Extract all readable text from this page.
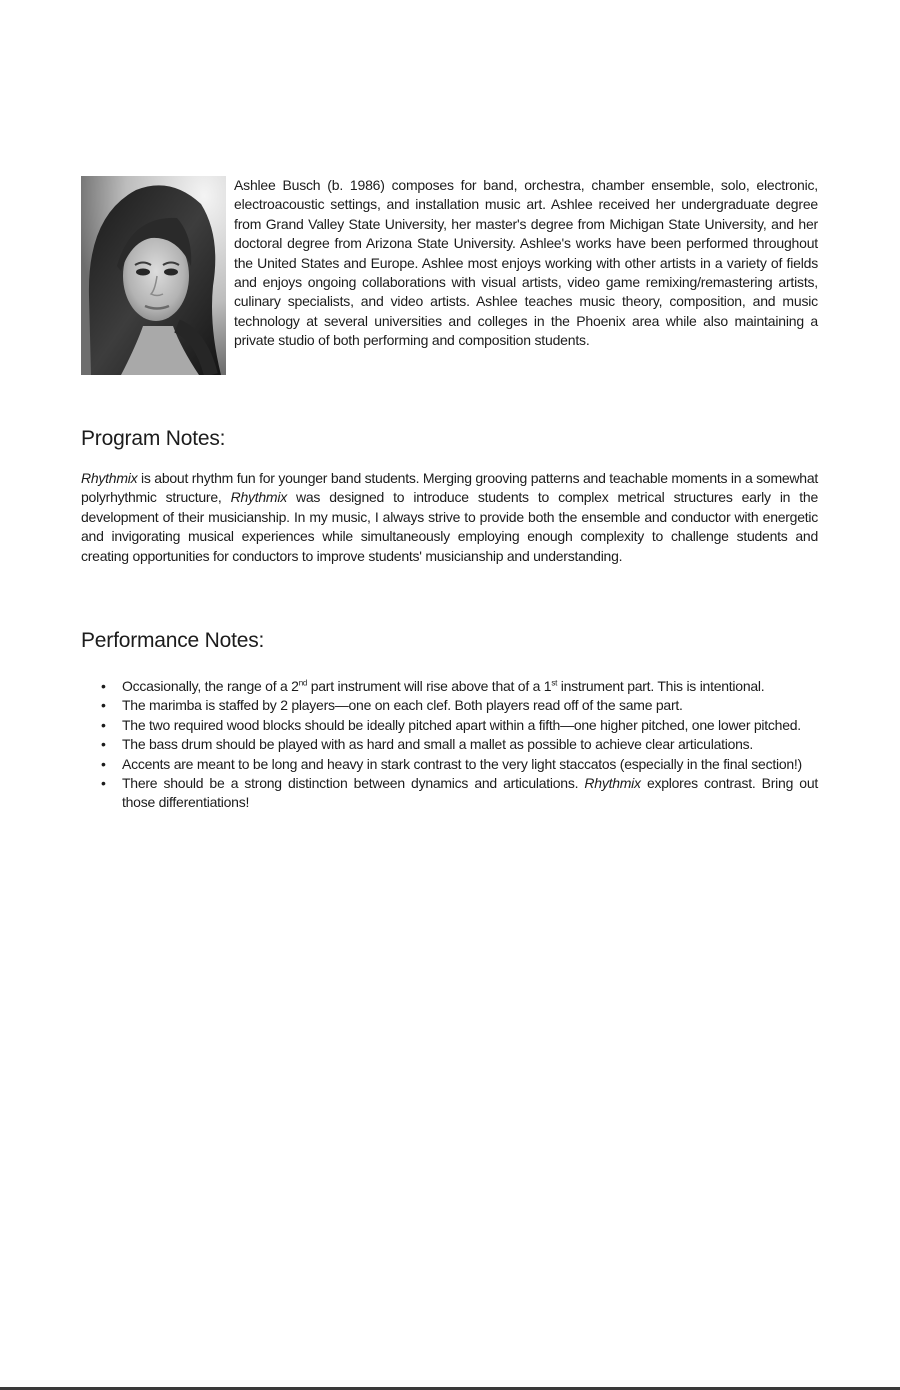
Ashlee Busch (b. 1986) composes for band, orchestra, chamber ensemble, solo, electronic, electroacoustic settings, and installation music art. Ashlee received her undergraduate degree from Grand Valley State University, her master's degree from Michigan State University, and her doctoral degree from Arizona State University. Ashlee's works have been performed throughout the United States and Europe. Ashlee most enjoys working with other artists in a variety of fields and enjoys ongoing collaborations with visual artists, video game remixing/remastering artists, culinary specialists, and video artists. Ashlee teaches music theory, composition, and music technology at several universities and colleges in the Phoenix area while also maintaining a private studio of both performing and composition students.

Program Notes:

Rhythmix is about rhythm fun for younger band students. Merging grooving patterns and teachable moments in a somewhat polyrhythmic structure, Rhythmix was designed to introduce students to complex metrical structures early in the development of their musicianship. In my music, I always strive to provide both the ensemble and conductor with energetic and invigorating musical experiences while simultaneously employing enough complexity to challenge students and creating opportunities for conductors to improve students' musicianship and understanding.

Performance Notes:
• Occasionally, the range of a 2nd part instrument will rise above that of a 1st instrument part. This is intentional.
• The marimba is staffed by 2 players—one on each clef. Both players read off of the same part.
• The two required wood blocks should be ideally pitched apart within a fifth—one higher pitched, one lower pitched.
• The bass drum should be played with as hard and small a mallet as possible to achieve clear articulations.
• Accents are meant to be long and heavy in stark contrast to the very light staccatos (especially in the final section!)
• There should be a strong distinction between dynamics and articulations. Rhythmix explores contrast. Bring out those differentiations!
